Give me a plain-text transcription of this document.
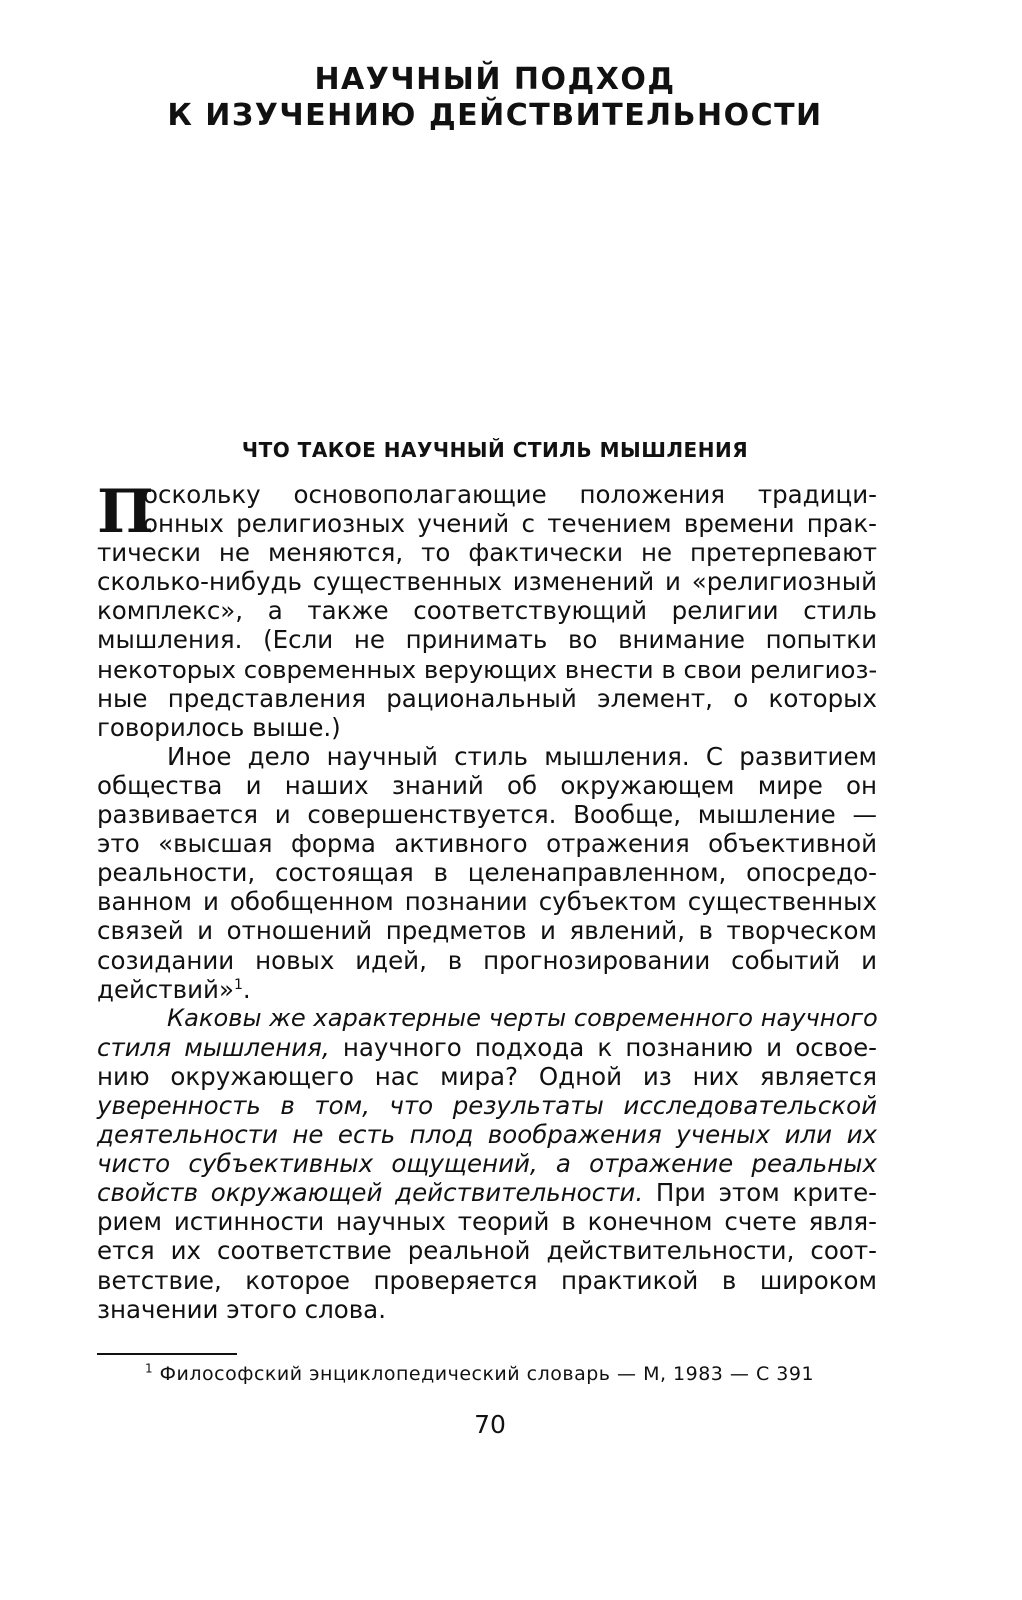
НАУЧНЫЙ ПОДХОД
К ИЗУЧЕНИЮ ДЕЙСТВИТЕЛЬНОСТИ
ЧТО ТАКОЕ НАУЧНЫЙ СТИЛЬ МЫШЛЕНИЯ
П
оскольку основополагающие положения традици-
онных религиозных учений с течением времени прак-
тически не меняются, то фактически не претерпевают
сколько-нибудь существенных изменений и «религиозный
комплекс», а также соответствующий религии стиль
мышления. (Если не принимать во внимание попытки
некоторых современных верующих внести в свои религиоз-
ные представления рациональный элемент, о которых
говорилось выше.)
Иное дело научный стиль мышления. С развитием
общества и наших знаний об окружающем мире он
развивается и совершенствуется. Вообще, мышление —
это «высшая форма активного отражения объективной
реальности, состоящая в целенаправленном, опосредо-
ванном и обобщенном познании субъектом существенных
связей и отношений предметов и явлений, в творческом
созидании новых идей, в прогнозировании событий и
действий»$^1$.
Каковы же характерные черты современного научного
стиля мышления, научного подхода к познанию и освое-
нию окружающего нас мира? Одной из них является
уверенность в том, что результаты исследовательской
деятельности не есть плод воображения ученых или их
чисто субъективных ощущений, а отражение реальных
свойств окружающей действительности. При этом крите-
рием истинности научных теорий в конечном счете явля-
ется их соответствие реальной действительности, соот-
ветствие, которое проверяется практикой в широком
значении этого слова.
$^1$ Философский энциклопедический словарь — М, 1983 — С 391
70
